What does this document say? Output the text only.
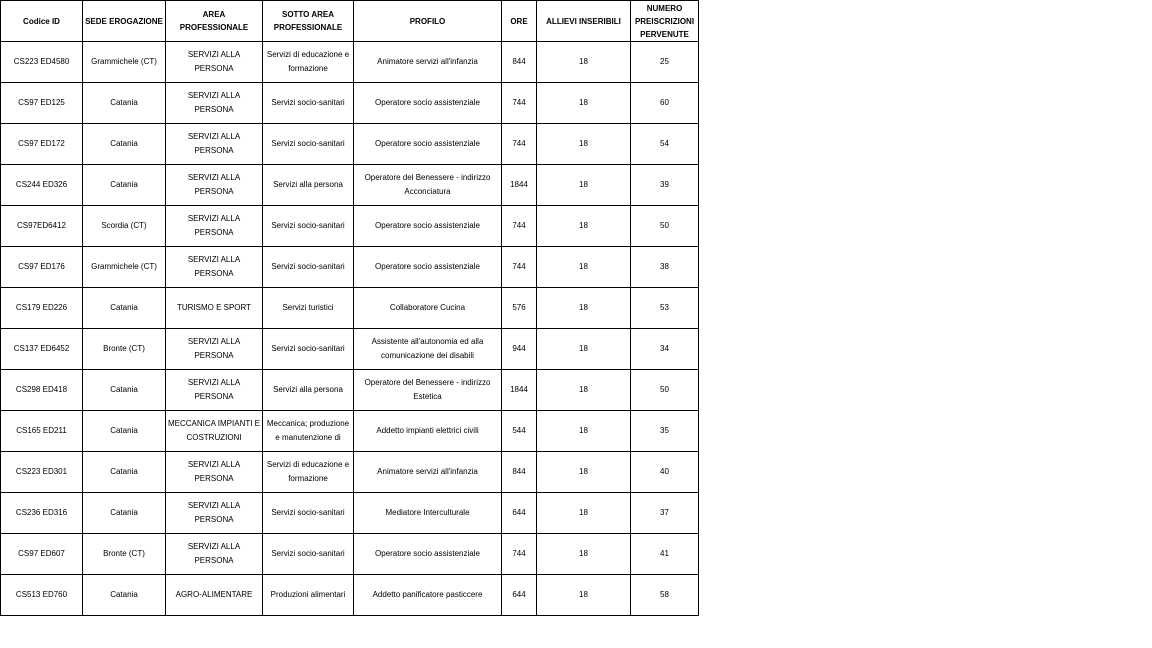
Codice ID	SEDE EROGAZIONE	AREA PROFESSIONALE	SOTTO AREA PROFESSIONALE	PROFILO	ORE	ALLIEVI INSERIBILI	NUMERO PREISCRIZIONI PERVENUTE
CS223 ED4580	Grammichele (CT)	SERVIZI ALLA PERSONA	Servizi di educazione e formazione	Animatore servizi all'infanzia	844	18	25
CS97 ED125	Catania	SERVIZI ALLA PERSONA	Servizi socio-sanitari	Operatore socio assistenziale	744	18	60
CS97 ED172	Catania	SERVIZI ALLA PERSONA	Servizi socio-sanitari	Operatore socio assistenziale	744	18	54
CS244 ED326	Catania	SERVIZI ALLA PERSONA	Servizi alla persona	Operatore del Benessere - indirizzo Acconciatura	1844	18	39
CS97ED6412	Scordia (CT)	SERVIZI ALLA PERSONA	Servizi socio-sanitari	Operatore socio assistenziale	744	18	50
CS97 ED176	Grammichele (CT)	SERVIZI ALLA PERSONA	Servizi socio-sanitari	Operatore socio assistenziale	744	18	38
CS179 ED226	Catania	TURISMO E SPORT	Servizi turistici	Collaboratore Cucina	576	18	53
CS137 ED6452	Bronte (CT)	SERVIZI ALLA PERSONA	Servizi socio-sanitari	Assistente all'autonomia ed alla comunicazione dei disabili	944	18	34
CS298 ED418	Catania	SERVIZI ALLA PERSONA	Servizi alla persona	Operatore del Benessere - indirizzo Estetica	1844	18	50
CS165 ED211	Catania	MECCANICA IMPIANTI E COSTRUZIONI	Meccanica; produzione e manutenzione di	Addetto impianti elettrici civili	544	18	35
CS223 ED301	Catania	SERVIZI ALLA PERSONA	Servizi di educazione e formazione	Animatore servizi all'infanzia	844	18	40
CS236 ED316	Catania	SERVIZI ALLA PERSONA	Servizi socio-sanitari	Mediatore Interculturale	644	18	37
CS97 ED607	Bronte (CT)	SERVIZI ALLA PERSONA	Servizi socio-sanitari	Operatore socio assistenziale	744	18	41
CS513 ED760	Catania	AGRO-ALIMENTARE	Produzioni alimentari	Addetto panificatore pasticcere	644	18	58
